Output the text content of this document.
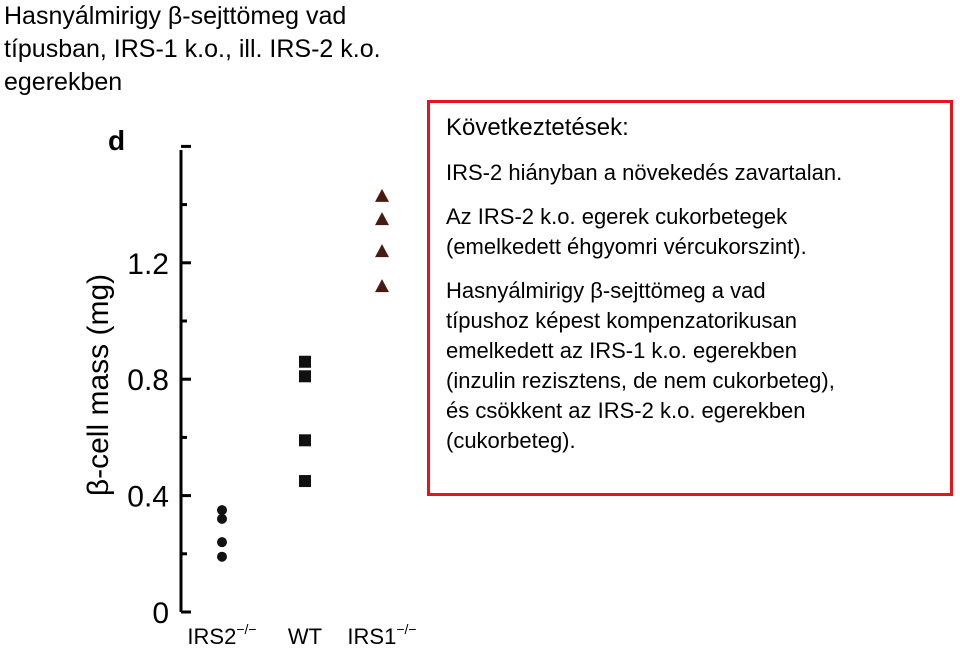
Hasnyálmirigy β-sejttömeg vad
típusban, IRS-1 k.o., ill. IRS-2 k.o.
egerekben
d
β-cell mass (mg)
0
0.4
0.8
1.2
IRS2−/− WT IRS1−/−
Következtetések:
IRS-2 hiányban a növekedés zavartalan.
Az IRS-2 k.o. egerek cukorbetegek
(emelkedett éhgyomri vércukorszint).
Hasnyálmirigy β-sejttömeg a vad
típushoz képest kompenzatorikusan
emelkedett az IRS-1 k.o. egerekben
(inzulin rezisztens, de nem cukorbeteg),
és csökkent az IRS-2 k.o. egerekben
(cukorbeteg).
